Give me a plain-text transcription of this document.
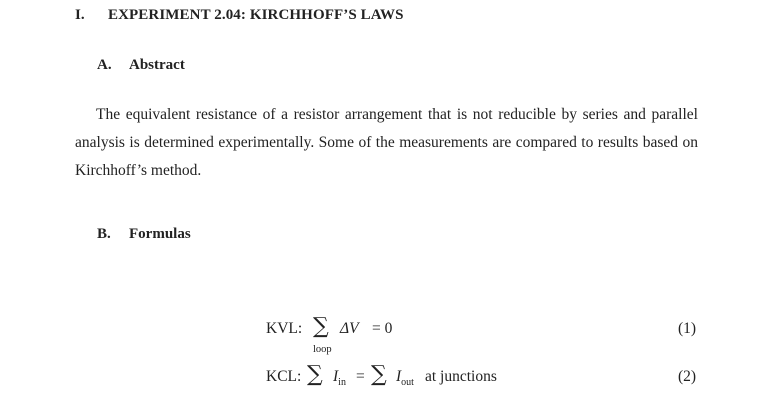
I. EXPERIMENT 2.04: KIRCHHOFF’S LAWS
A. Abstract

The equivalent resistance of a resistor arrangement that is not reducible by series and parallel analysis is determined experimentally. Some of the measurements are compared to results based on Kirchhoff’s method.

B. Formulas
KVL: ∑ ΔV = 0
loop
(1)
KCL: ∑ $I_{in}$ = ∑ $I_{out}$ at junctions	(2)
